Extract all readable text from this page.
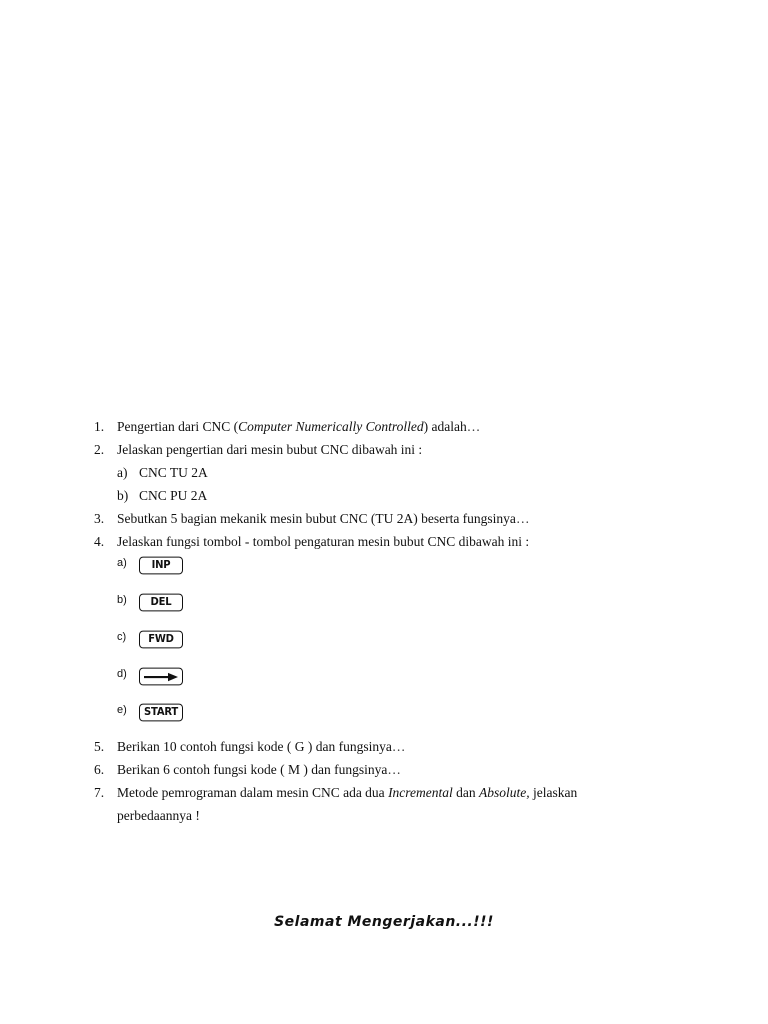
1. Pengertian dari CNC (Computer Numerically Controlled) adalah…
2. Jelaskan pengertian dari mesin bubut CNC dibawah ini :
a) CNC TU 2A
b) CNC PU 2A
3. Sebutkan 5 bagian mekanik mesin bubut CNC (TU 2A) beserta fungsinya…
4. Jelaskan fungsi tombol - tombol pengaturan mesin bubut CNC dibawah ini :
a)	INP
b)	DEL
c)	FWD
d)
e)	START
5. Berikan 10 contoh fungsi kode ( G ) dan fungsinya…
6. Berikan 6 contoh fungsi kode ( M ) dan fungsinya…
7. Metode pemrograman dalam mesin CNC ada dua Incremental dan Absolute, jelaskan
perbedaannya !
Selamat Mengerjakan...!!!
